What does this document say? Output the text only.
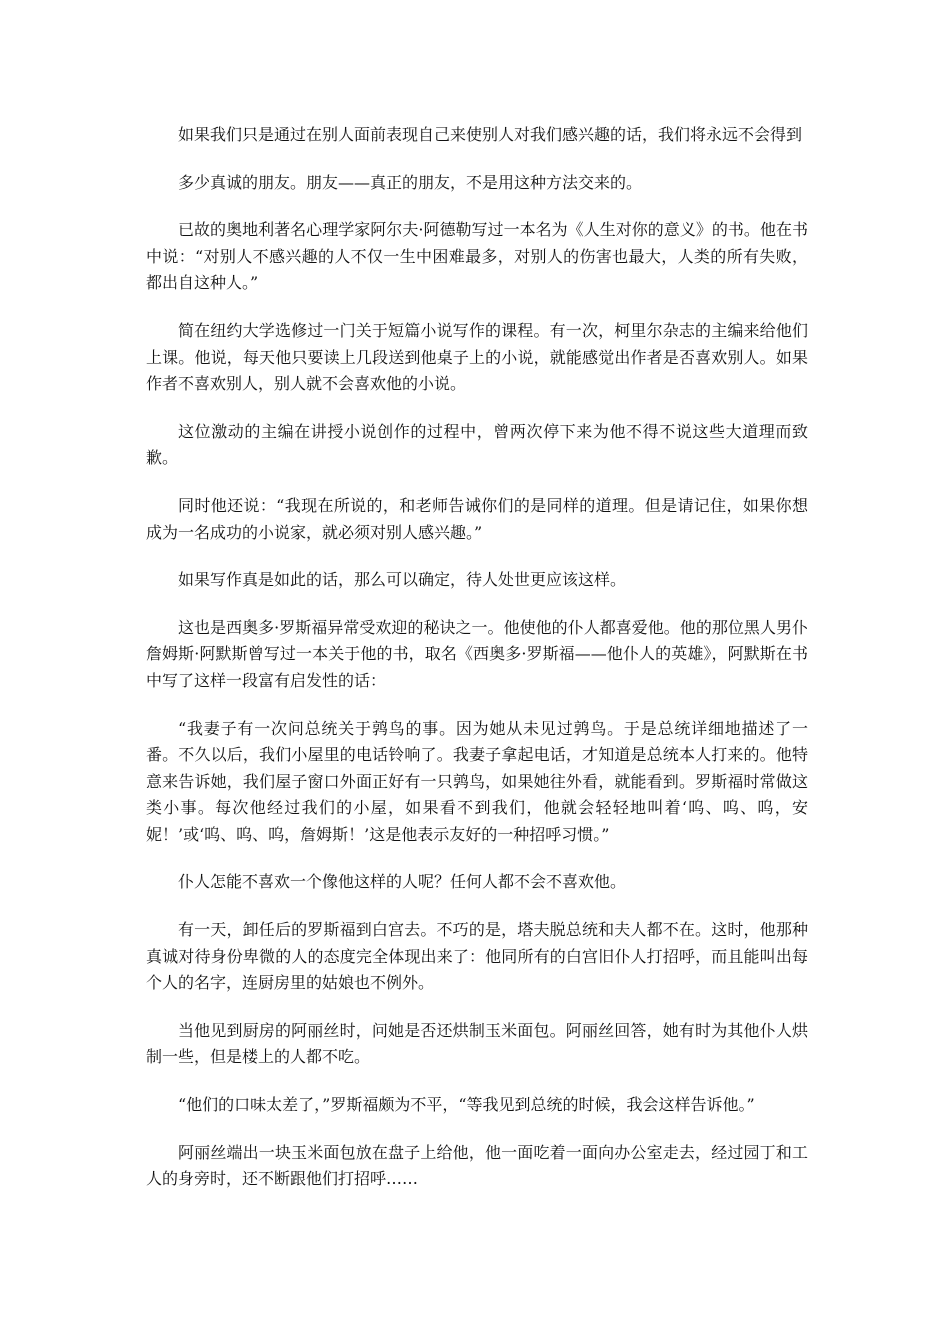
如果我们只是通过在别人面前表现自己来使别人对我们感兴趣的话，我们将永远不会得到

多少真诚的朋友。朋友——真正的朋友，不是用这种方法交来的。

已故的奥地利著名心理学家阿尔夫·阿德勒写过一本名为《人生对你的意义》的书。他在书中说：“对别人不感兴趣的人不仅一生中困难最多，对别人的伤害也最大，人类的所有失败，都出自这种人。”

简在纽约大学选修过一门关于短篇小说写作的课程。有一次，柯里尔杂志的主编来给他们上课。他说，每天他只要读上几段送到他桌子上的小说，就能感觉出作者是否喜欢别人。如果作者不喜欢别人，别人就不会喜欢他的小说。

这位激动的主编在讲授小说创作的过程中，曾两次停下来为他不得不说这些大道理而致歉。

同时他还说：“我现在所说的，和老师告诫你们的是同样的道理。但是请记住，如果你想成为一名成功的小说家，就必须对别人感兴趣。”

如果写作真是如此的话，那么可以确定，待人处世更应该这样。

这也是西奥多·罗斯福异常受欢迎的秘诀之一。他使他的仆人都喜爱他。他的那位黑人男仆詹姆斯·阿默斯曾写过一本关于他的书，取名《西奥多·罗斯福——他仆人的英雄》，阿默斯在书中写了这样一段富有启发性的话：

“我妻子有一次问总统关于鹑鸟的事。因为她从未见过鹑鸟。于是总统详细地描述了一番。不久以后，我们小屋里的电话铃响了。我妻子拿起电话，才知道是总统本人打来的。他特意来告诉她，我们屋子窗口外面正好有一只鹑鸟，如果她往外看，就能看到。罗斯福时常做这类小事。每次他经过我们的小屋，如果看不到我们，他就会轻轻地叫着‘呜、呜、呜，安妮！’或‘呜、呜、呜，詹姆斯！’这是他表示友好的一种招呼习惯。”

仆人怎能不喜欢一个像他这样的人呢？任何人都不会不喜欢他。

有一天，卸任后的罗斯福到白宫去。不巧的是，塔夫脱总统和夫人都不在。这时，他那种真诚对待身份卑微的人的态度完全体现出来了：他同所有的白宫旧仆人打招呼，而且能叫出每个人的名字，连厨房里的姑娘也不例外。

当他见到厨房的阿丽丝时，问她是否还烘制玉米面包。阿丽丝回答，她有时为其他仆人烘制一些，但是楼上的人都不吃。

“他们的口味太差了，”罗斯福颇为不平，“等我见到总统的时候，我会这样告诉他。”

阿丽丝端出一块玉米面包放在盘子上给他，他一面吃着一面向办公室走去，经过园丁和工人的身旁时，还不断跟他们打招呼……
